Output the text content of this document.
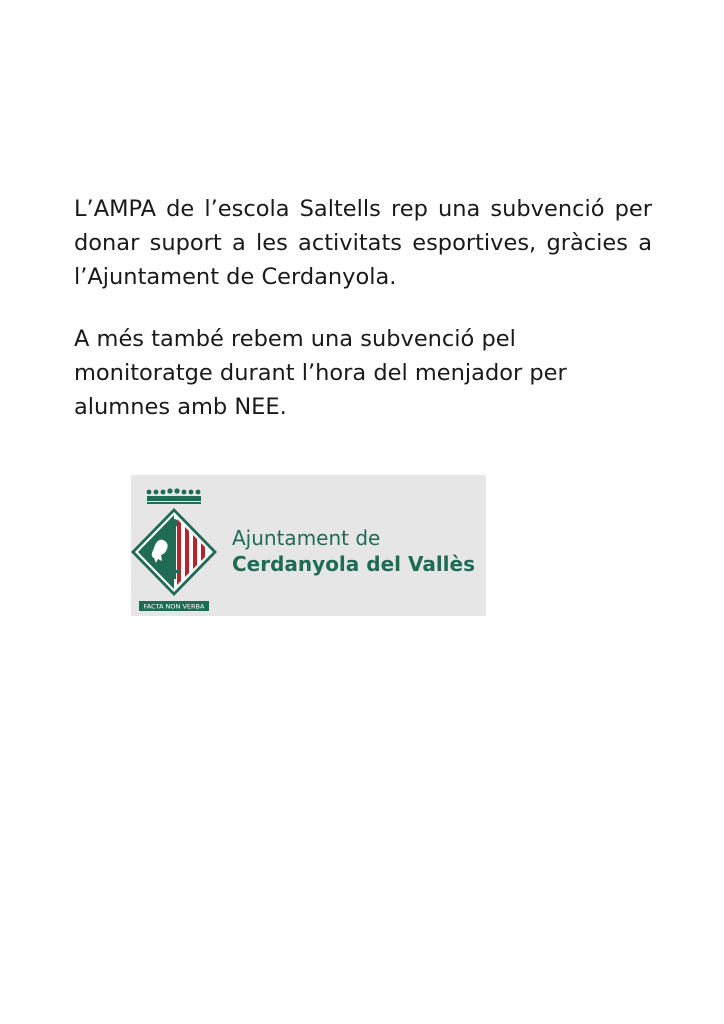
L’AMPA de l’escola Saltells rep una subvenció per donar suport a les activitats esportives, gràcies a l’Ajuntament de Cerdanyola.

A més també rebem una subvenció pel monitoratge durant l’hora del menjador per alumnes amb NEE.

FACTA NON VERBA
Ajuntament de
Cerdanyola del Vallès
